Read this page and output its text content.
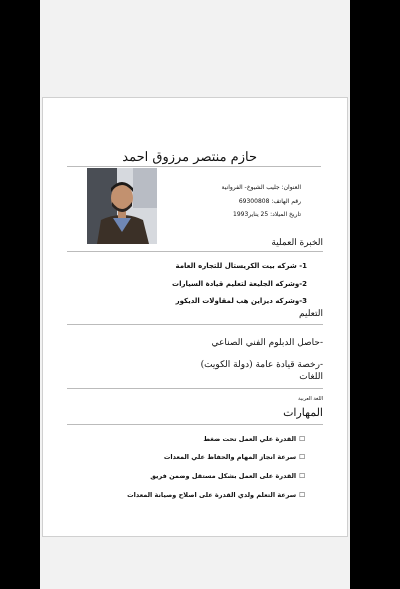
حازم منتصر مرزوق احمد
العنوان: جليب الشيوخ- الفروانية
رقم الهاتف: 69300808
تاريخ الميلاد: 25 يناير1993
الخبرة العملية
1- شركه بيت الكريستال للتجاره العامة
2-وشركه الجليعة لتعليم قيادة السيارات
3-وشركه ديزاين هب لمقاولات الديكور
التعليم
-حاصل الدبلوم الفني الصناعي
-رخصة قيادة عامة (دولة الكويت)
اللغات
اللغة العربية
المهارات
☐القدرة علي العمل تحت ضغط
☐سرعة انجاز المهام والحفاظ علي المعدات
☐القدرة على العمل بشكل مستقل وضمن فريق
☐سرعة التعلم ولدي القدرة على اصلاح وصيانة المعدات
